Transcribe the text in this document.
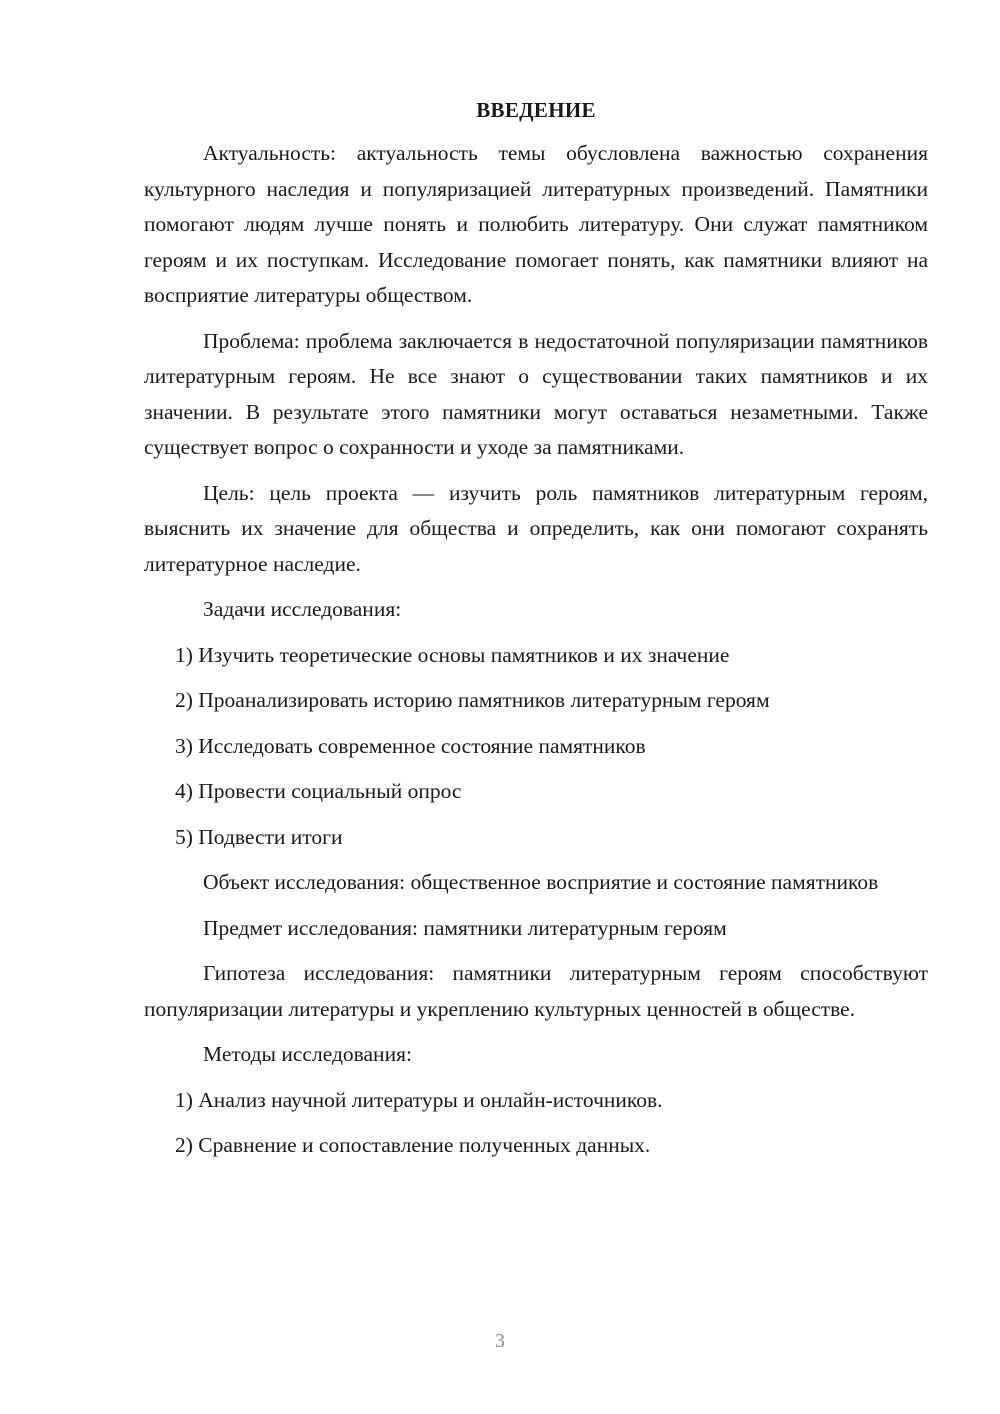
ВВЕДЕНИЕ

Актуальность: актуальность темы обусловлена важностью сохранения культурного наследия и популяризацией литературных произведений. Памятники помогают людям лучше понять и полюбить литературу. Они служат памятником героям и их поступкам. Исследование помогает понять, как памятники влияют на восприятие литературы обществом.

Проблема: проблема заключается в недостаточной популяризации памятников литературным героям. Не все знают о существовании таких памятников и их значении. В результате этого памятники могут оставаться незаметными. Также существует вопрос о сохранности и уходе за памятниками.

Цель: цель проекта — изучить роль памятников литературным героям, выяснить их значение для общества и определить, как они помогают сохранять литературное наследие.

Задачи исследования:

1) Изучить теоретические основы памятников и их значение
2) Проанализировать историю памятников литературным героям
3) Исследовать современное состояние памятников
4) Провести социальный опрос
5) Подвести итоги

Объект исследования: общественное восприятие и состояние памятников

Предмет исследования: памятники литературным героям

Гипотеза исследования: памятники литературным героям способствуют популяризации литературы и укреплению культурных ценностей в обществе.

Методы исследования:

1) Анализ научной литературы и онлайн-источников.
2) Сравнение и сопоставление полученных данных.
3
